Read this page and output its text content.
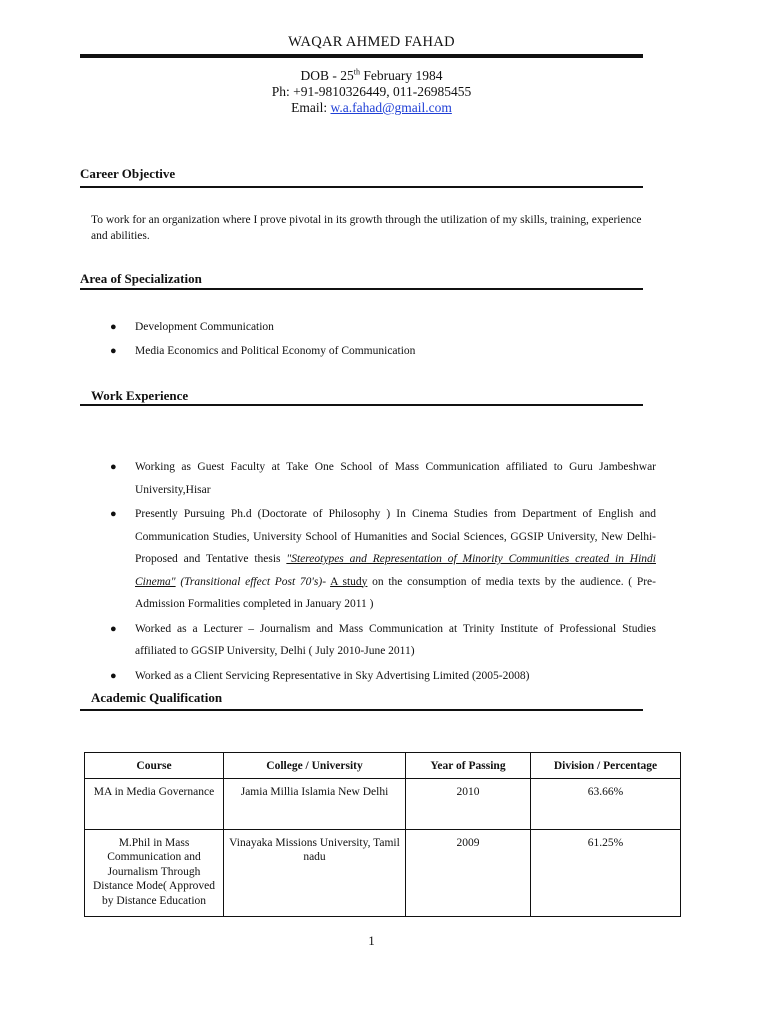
WAQAR AHMED FAHAD
DOB - 25th February 1984
Ph: +91-9810326449, 011-26985455
Email: w.a.fahad@gmail.com
Career Objective
To work for an organization where I prove pivotal in its growth through the utilization of my skills, training, experience and abilities.
Area of Specialization
● Development Communication
● Media Economics and Political Economy of Communication
Work Experience
● Working as Guest Faculty at Take One School of Mass Communication affiliated to Guru Jambeshwar University,Hisar
● Presently Pursuing Ph.d (Doctorate of Philosophy ) In Cinema Studies from Department of English and Communication Studies, University School of Humanities and Social Sciences, GGSIP University, New Delhi- Proposed and Tentative thesis "Stereotypes and Representation of Minority Communities created in Hindi Cinema" (Transitional effect Post 70's)- A study on the consumption of media texts by the audience. ( Pre-Admission Formalities completed in January 2011 )
● Worked as a Lecturer – Journalism and Mass Communication at Trinity Institute of Professional Studies affiliated to GGSIP University, Delhi ( July 2010-June 2011)
● Worked as a Client Servicing Representative in Sky Advertising Limited (2005-2008)
Academic Qualification
Course	College / University	Year of Passing	Division / Percentage
MA in Media Governance	Jamia Millia Islamia New Delhi	2010	63.66%
M.Phil in Mass Communication and Journalism Through Distance Mode( Approved by Distance Education	Vinayaka Missions University, Tamil nadu	2009	61.25%
1
